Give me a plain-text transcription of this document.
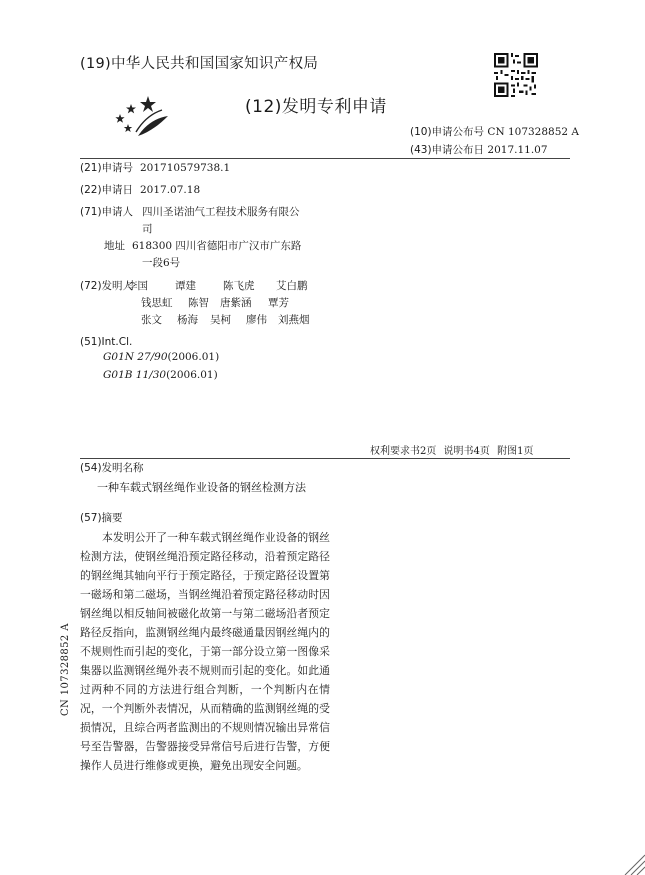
(19)中华人民共和国国家知识产权局
(12)发明专利申请
(10)申请公布号 CN 107328852 A
(43)申请公布日 2017.11.07
(21)申请号 201710579738.1
(22)申请日 2017.07.18
(71)申请人 四川圣诺油气工程技术服务有限公
司
地址 618300 四川省德阳市广汉市广东路
一段6号
(72)发明人
李国	谭建	陈飞虎 艾白鹏
钱思虹 陈智 唐紫涵 覃芳
张文 杨海 吴柯 廖伟 刘燕烟
(51)Int.Cl.
G01N 27/90(2006.01)
G01B 11/30(2006.01)
权利要求书2页 说明书4页 附图1页
(54)发明名称
一种车载式钢丝绳作业设备的钢丝检测方法
(57)摘要
本发明公开了一种车载式钢丝绳作业设备的钢丝检测方法，使钢丝绳沿预定路径移动，沿着预定路径的钢丝绳其轴向平行于预定路径，于预定路径设置第一磁场和第二磁场，当钢丝绳沿着预定路径移动时因钢丝绳以相反轴间被磁化故第一与第二磁场沿者预定路径反指向，监测钢丝绳内最终磁通量因钢丝绳内的不规则性而引起的变化，于第一部分设立第一图像采集器以监测钢丝绳外表不规则而引起的变化。如此通过两种不同的方法进行组合判断，一个判断内在情况，一个判断外表情况，从而精确的监测钢丝绳的受损情况，且综合两者监测出的不规则情况输出异常信号至告警器，告警器接受异常信号后进行告警，方便操作人员进行维修或更换，避免出现安全问题。
CN 107328852 A
